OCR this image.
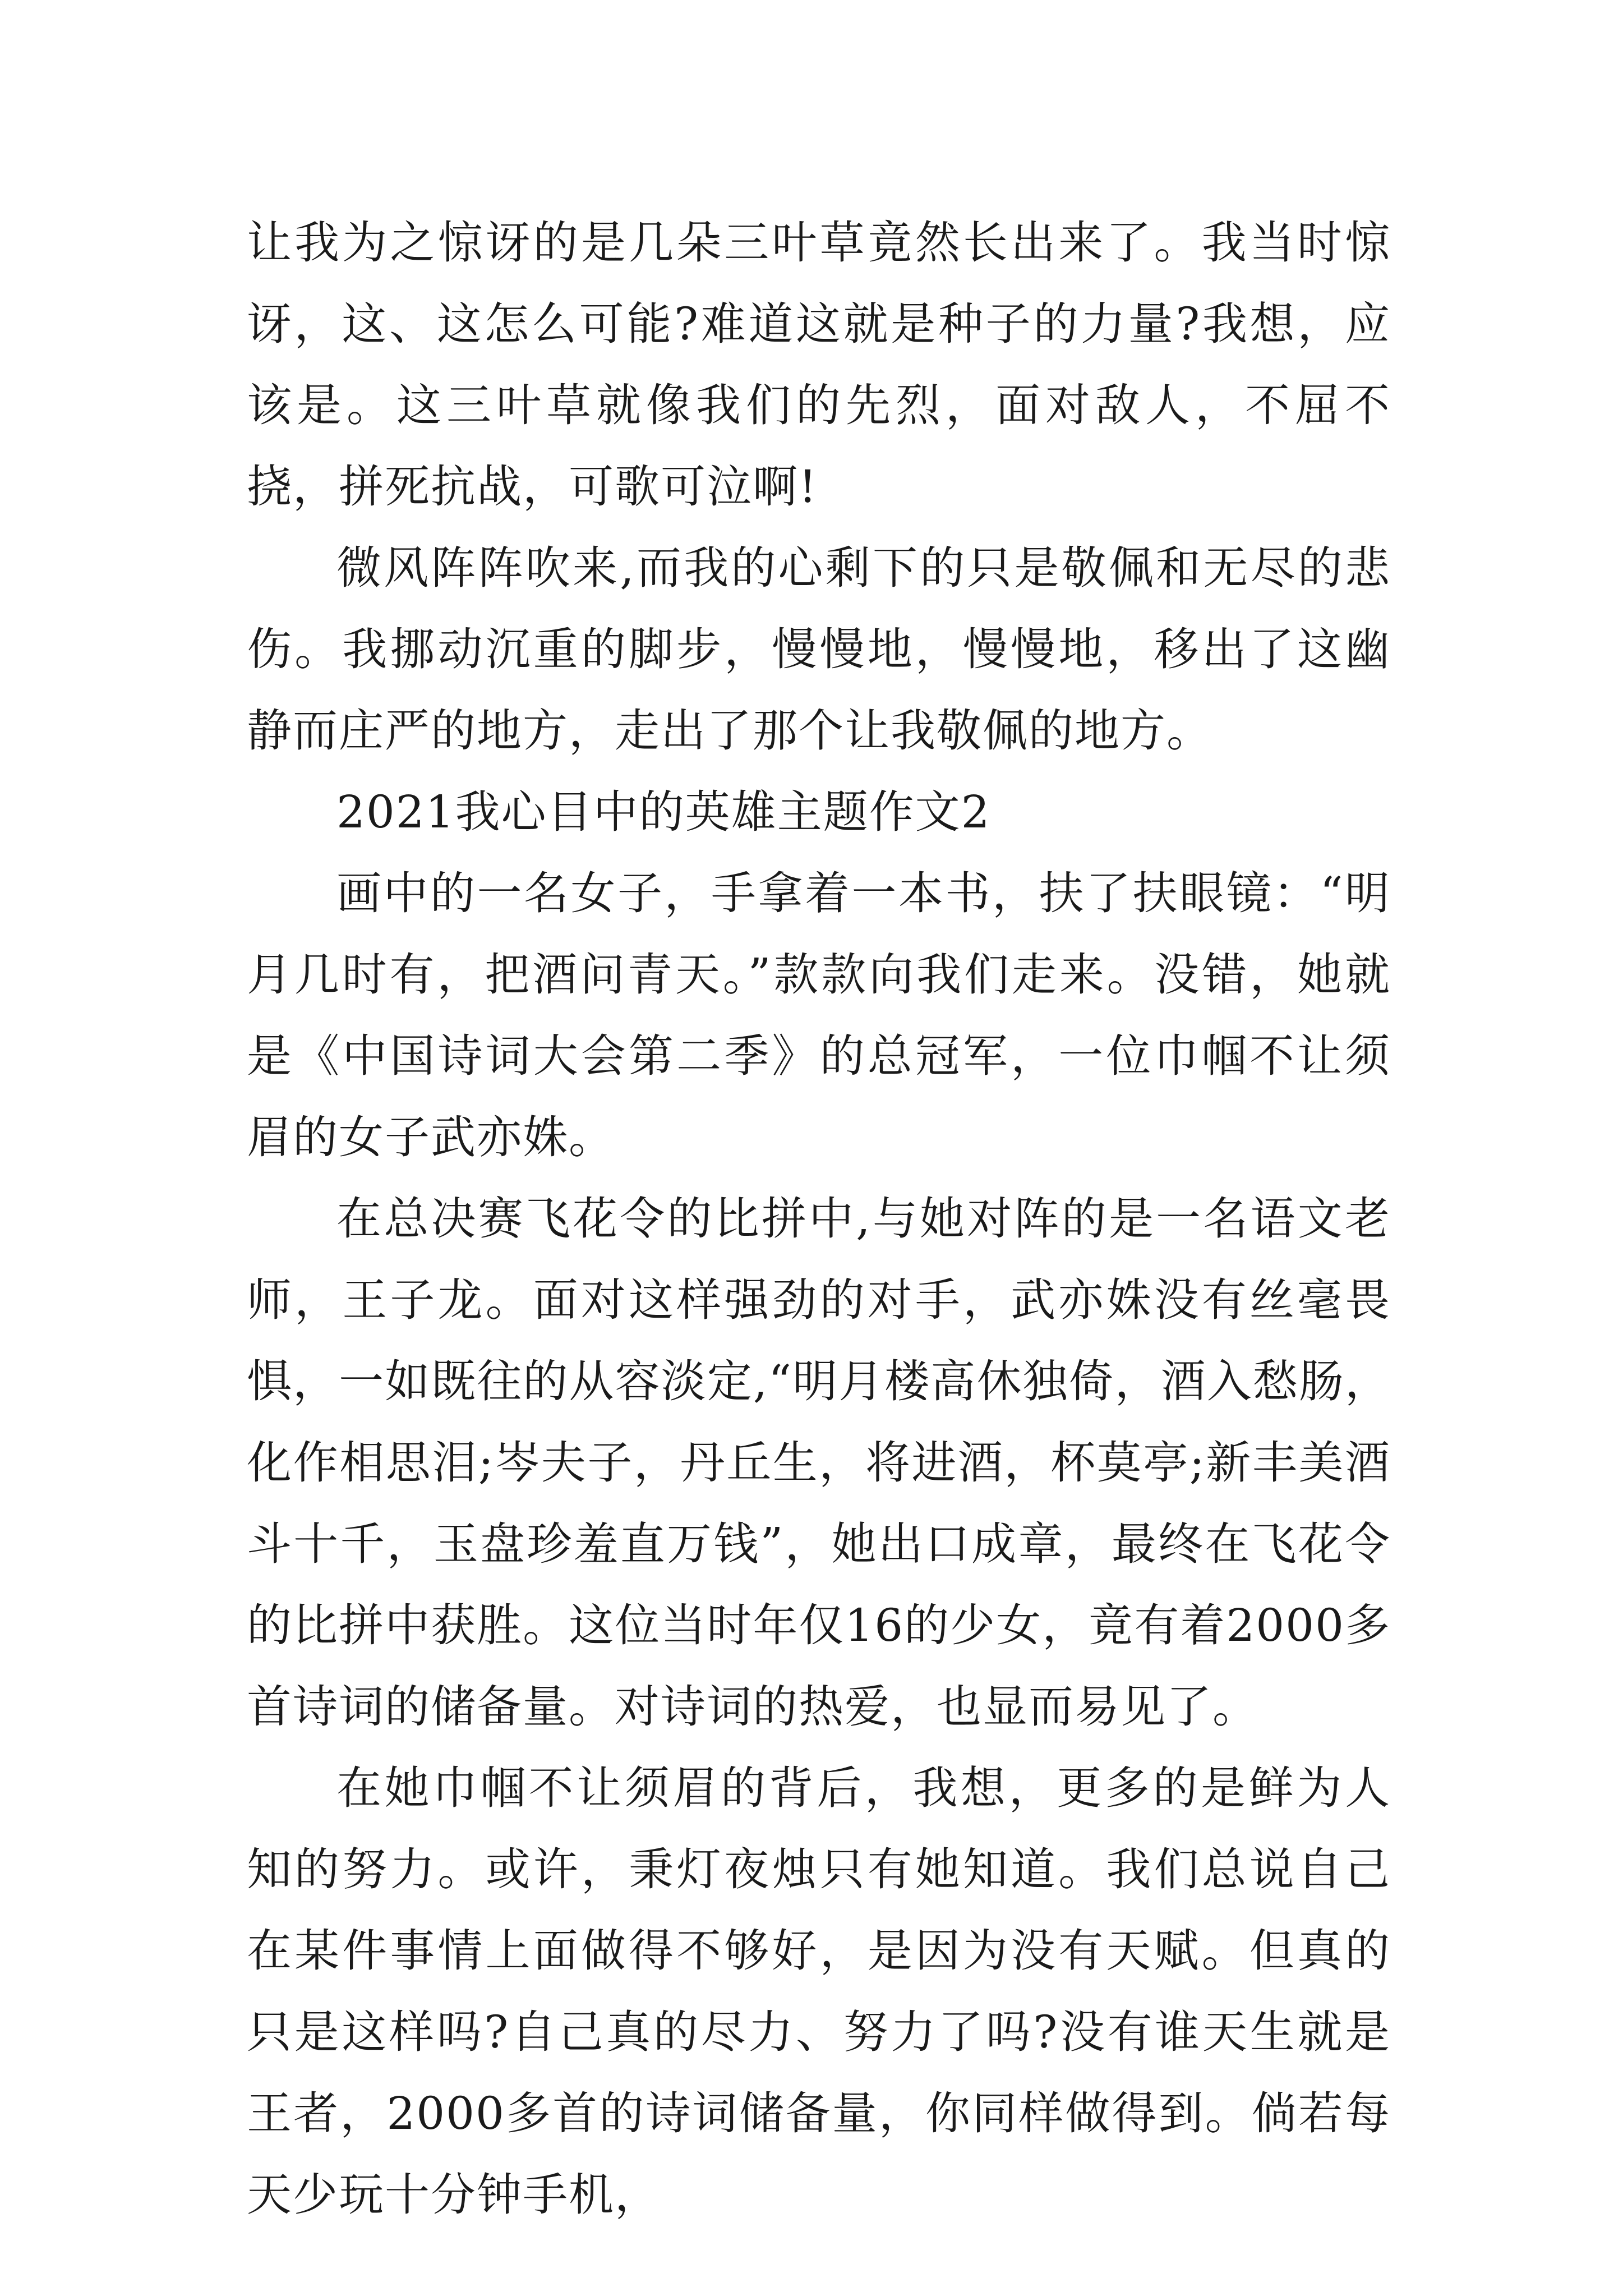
让我为之惊讶的是几朵三叶草竟然长出来了。我当时惊讶，这、这怎么可能?难道这就是种子的力量?我想，应该是。这三叶草就像我们的先烈，面对敌人，不屈不挠，拼死抗战，可歌可泣啊!

微风阵阵吹来,而我的心剩下的只是敬佩和无尽的悲伤。我挪动沉重的脚步，慢慢地，慢慢地，移出了这幽静而庄严的地方，走出了那个让我敬佩的地方。

2021我心目中的英雄主题作文2

画中的一名女子，手拿着一本书，扶了扶眼镜：“明月几时有，把酒问青天。”款款向我们走来。没错，她就是《中国诗词大会第二季》的总冠军，一位巾帼不让须眉的女子武亦姝。

在总决赛飞花令的比拼中,与她对阵的是一名语文老师，王子龙。面对这样强劲的对手，武亦姝没有丝毫畏惧，一如既往的从容淡定,“明月楼高休独倚，酒入愁肠，化作相思泪;岑夫子，丹丘生，将进酒，杯莫亭;新丰美酒斗十千，玉盘珍羞直万钱”，她出口成章，最终在飞花令的比拼中获胜。这位当时年仅16的少女，竟有着2000多首诗词的储备量。对诗词的热爱，也显而易见了。

在她巾帼不让须眉的背后，我想，更多的是鲜为人知的努力。或许，秉灯夜烛只有她知道。我们总说自己在某件事情上面做得不够好，是因为没有天赋。但真的只是这样吗?自己真的尽力、努力了吗?没有谁天生就是王者，2000多首的诗词储备量，你同样做得到。倘若每天少玩十分钟手机，
